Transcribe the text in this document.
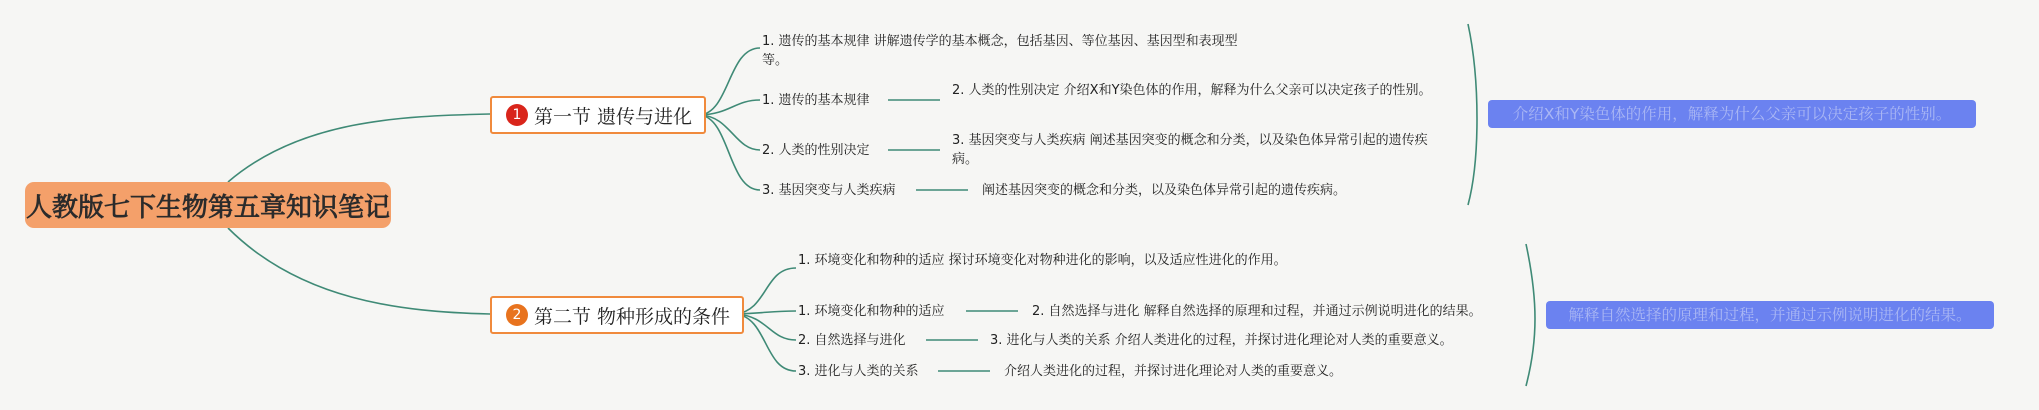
人教版七下生物第五章知识笔记
1 第一节 遗传与进化
1. 遗传的基本规律 讲解遗传学的基本概念，包括基因、等位基因、基因型和表现型等。
1. 遗传的基本规律
2. 人类的性别决定
3. 基因突变与人类疾病
2. 人类的性别决定 介绍X和Y染色体的作用，解释为什么父亲可以决定孩子的性别。
3. 基因突变与人类疾病 阐述基因突变的概念和分类，以及染色体异常引起的遗传疾病。
阐述基因突变的概念和分类，以及染色体异常引起的遗传疾病。
介绍X和Y染色体的作用，解释为什么父亲可以决定孩子的性别。
2 第二节 物种形成的条件
1. 环境变化和物种的适应 探讨环境变化对物种进化的影响，以及适应性进化的作用。
1. 环境变化和物种的适应
2. 自然选择与进化
3. 进化与人类的关系
2. 自然选择与进化 解释自然选择的原理和过程，并通过示例说明进化的结果。
3. 进化与人类的关系 介绍人类进化的过程，并探讨进化理论对人类的重要意义。
介绍人类进化的过程，并探讨进化理论对人类的重要意义。
解释自然选择的原理和过程，并通过示例说明进化的结果。
